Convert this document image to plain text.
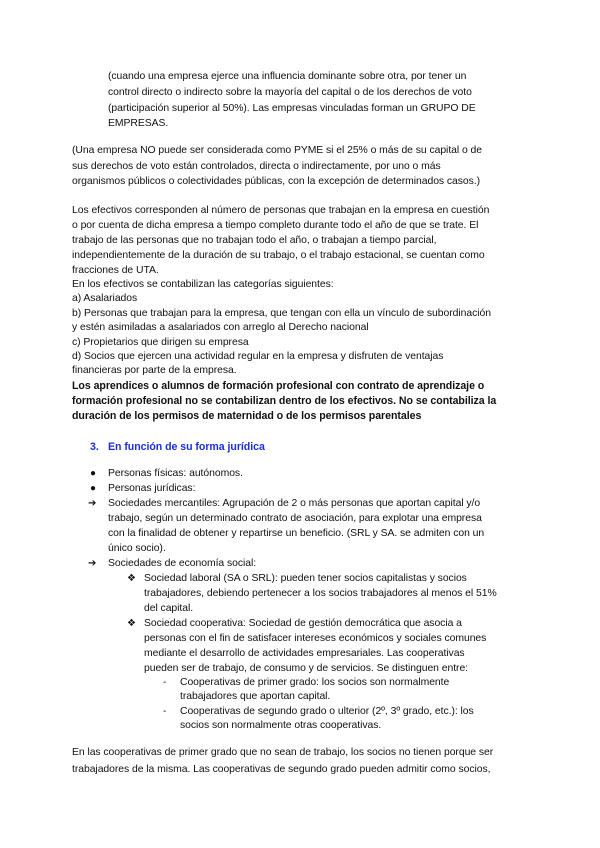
(cuando una empresa ejerce una influencia dominante sobre otra, por tener un
control directo o indirecto sobre la mayoría del capital o de los derechos de voto
(participación superior al 50%). Las empresas vinculadas forman un GRUPO DE
EMPRESAS.
(Una empresa NO puede ser considerada como PYME si el 25% o más de su capital o de
sus derechos de voto están controlados, directa o indirectamente, por uno o más
organismos públicos o colectividades públicas, con la excepción de determinados casos.)
Los efectivos corresponden al número de personas que trabajan en la empresa en cuestión
o por cuenta de dicha empresa a tiempo completo durante todo el año de que se trate. El
trabajo de las personas que no trabajan todo el año, o trabajan a tiempo parcial,
independientemente de la duración de su trabajo, o el trabajo estacional, se cuentan como
fracciones de UTA.
En los efectivos se contabilizan las categorías siguientes:
a) Asalariados
b) Personas que trabajan para la empresa, que tengan con ella un vínculo de subordinación
y estén asimiladas a asalariados con arreglo al Derecho nacional
c) Propietarios que dirigen su empresa
d) Socios que ejercen una actividad regular en la empresa y disfruten de ventajas
financieras por parte de la empresa.
Los aprendices o alumnos de formación profesional con contrato de aprendizaje o
formación profesional no se contabilizan dentro de los efectivos. No se contabiliza la
duración de los permisos de maternidad o de los permisos parentales
3. En función de su forma jurídica
● Personas físicas: autónomos.
● Personas jurídicas:
➔ Sociedades mercantiles: Agrupación de 2 o más personas que aportan capital y/o
trabajo, según un determinado contrato de asociación, para explotar una empresa
con la finalidad de obtener y repartirse un beneficio. (SRL y SA. se admiten con un
único socio).
➔ Sociedades de economía social:
❖ Sociedad laboral (SA o SRL): pueden tener socios capitalistas y socios
trabajadores, debiendo pertenecer a los socios trabajadores al menos el 51%
del capital.
❖ Sociedad cooperativa: Sociedad de gestión democrática que asocia a
personas con el fin de satisfacer intereses económicos y sociales comunes
mediante el desarrollo de actividades empresariales. Las cooperativas
pueden ser de trabajo, de consumo y de servicios. Se distinguen entre:
- Cooperativas de primer grado: los socios son normalmente
trabajadores que aportan capital.
- Cooperativas de segundo grado o ulterior (2º, 3º grado, etc.): los
socios son normalmente otras cooperativas.
En las cooperativas de primer grado que no sean de trabajo, los socios no tienen porque ser
trabajadores de la misma. Las cooperativas de segundo grado pueden admitir como socios,
